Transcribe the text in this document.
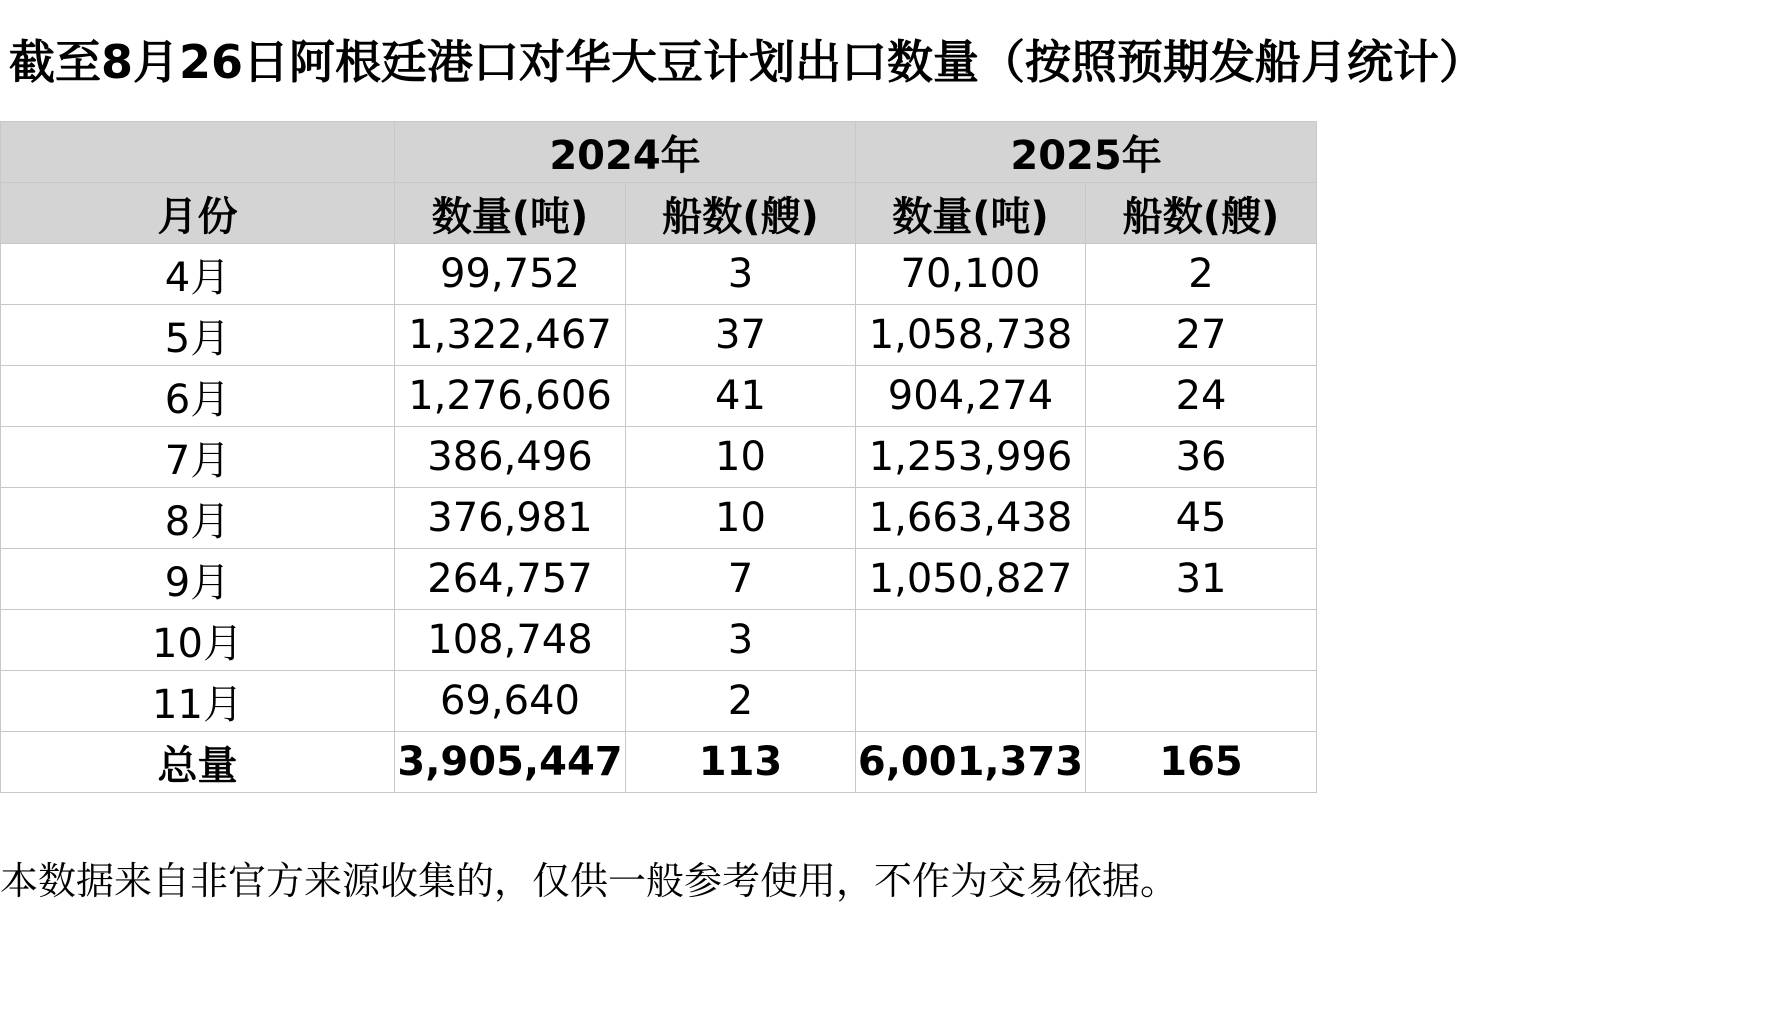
截至8月26日阿根廷港口对华大豆计划出口数量（按照预期发船月统计）
	2024年		2025年	
月份	数量(吨)	船数(艘)	数量(吨)	船数(艘)
4月	99,752	3	70,100	2
5月	1,322,467	37	1,058,738	27
6月	1,276,606	41	904,274	24
7月	386,496	10	1,253,996	36
8月	376,981	10	1,663,438	45
9月	264,757	7	1,050,827	31
10月	108,748	3		
11月	69,640	2		
总量	3,905,447	113	6,001,373	165
本数据来自非官方来源收集的，仅供一般参考使用，不作为交易依据。
